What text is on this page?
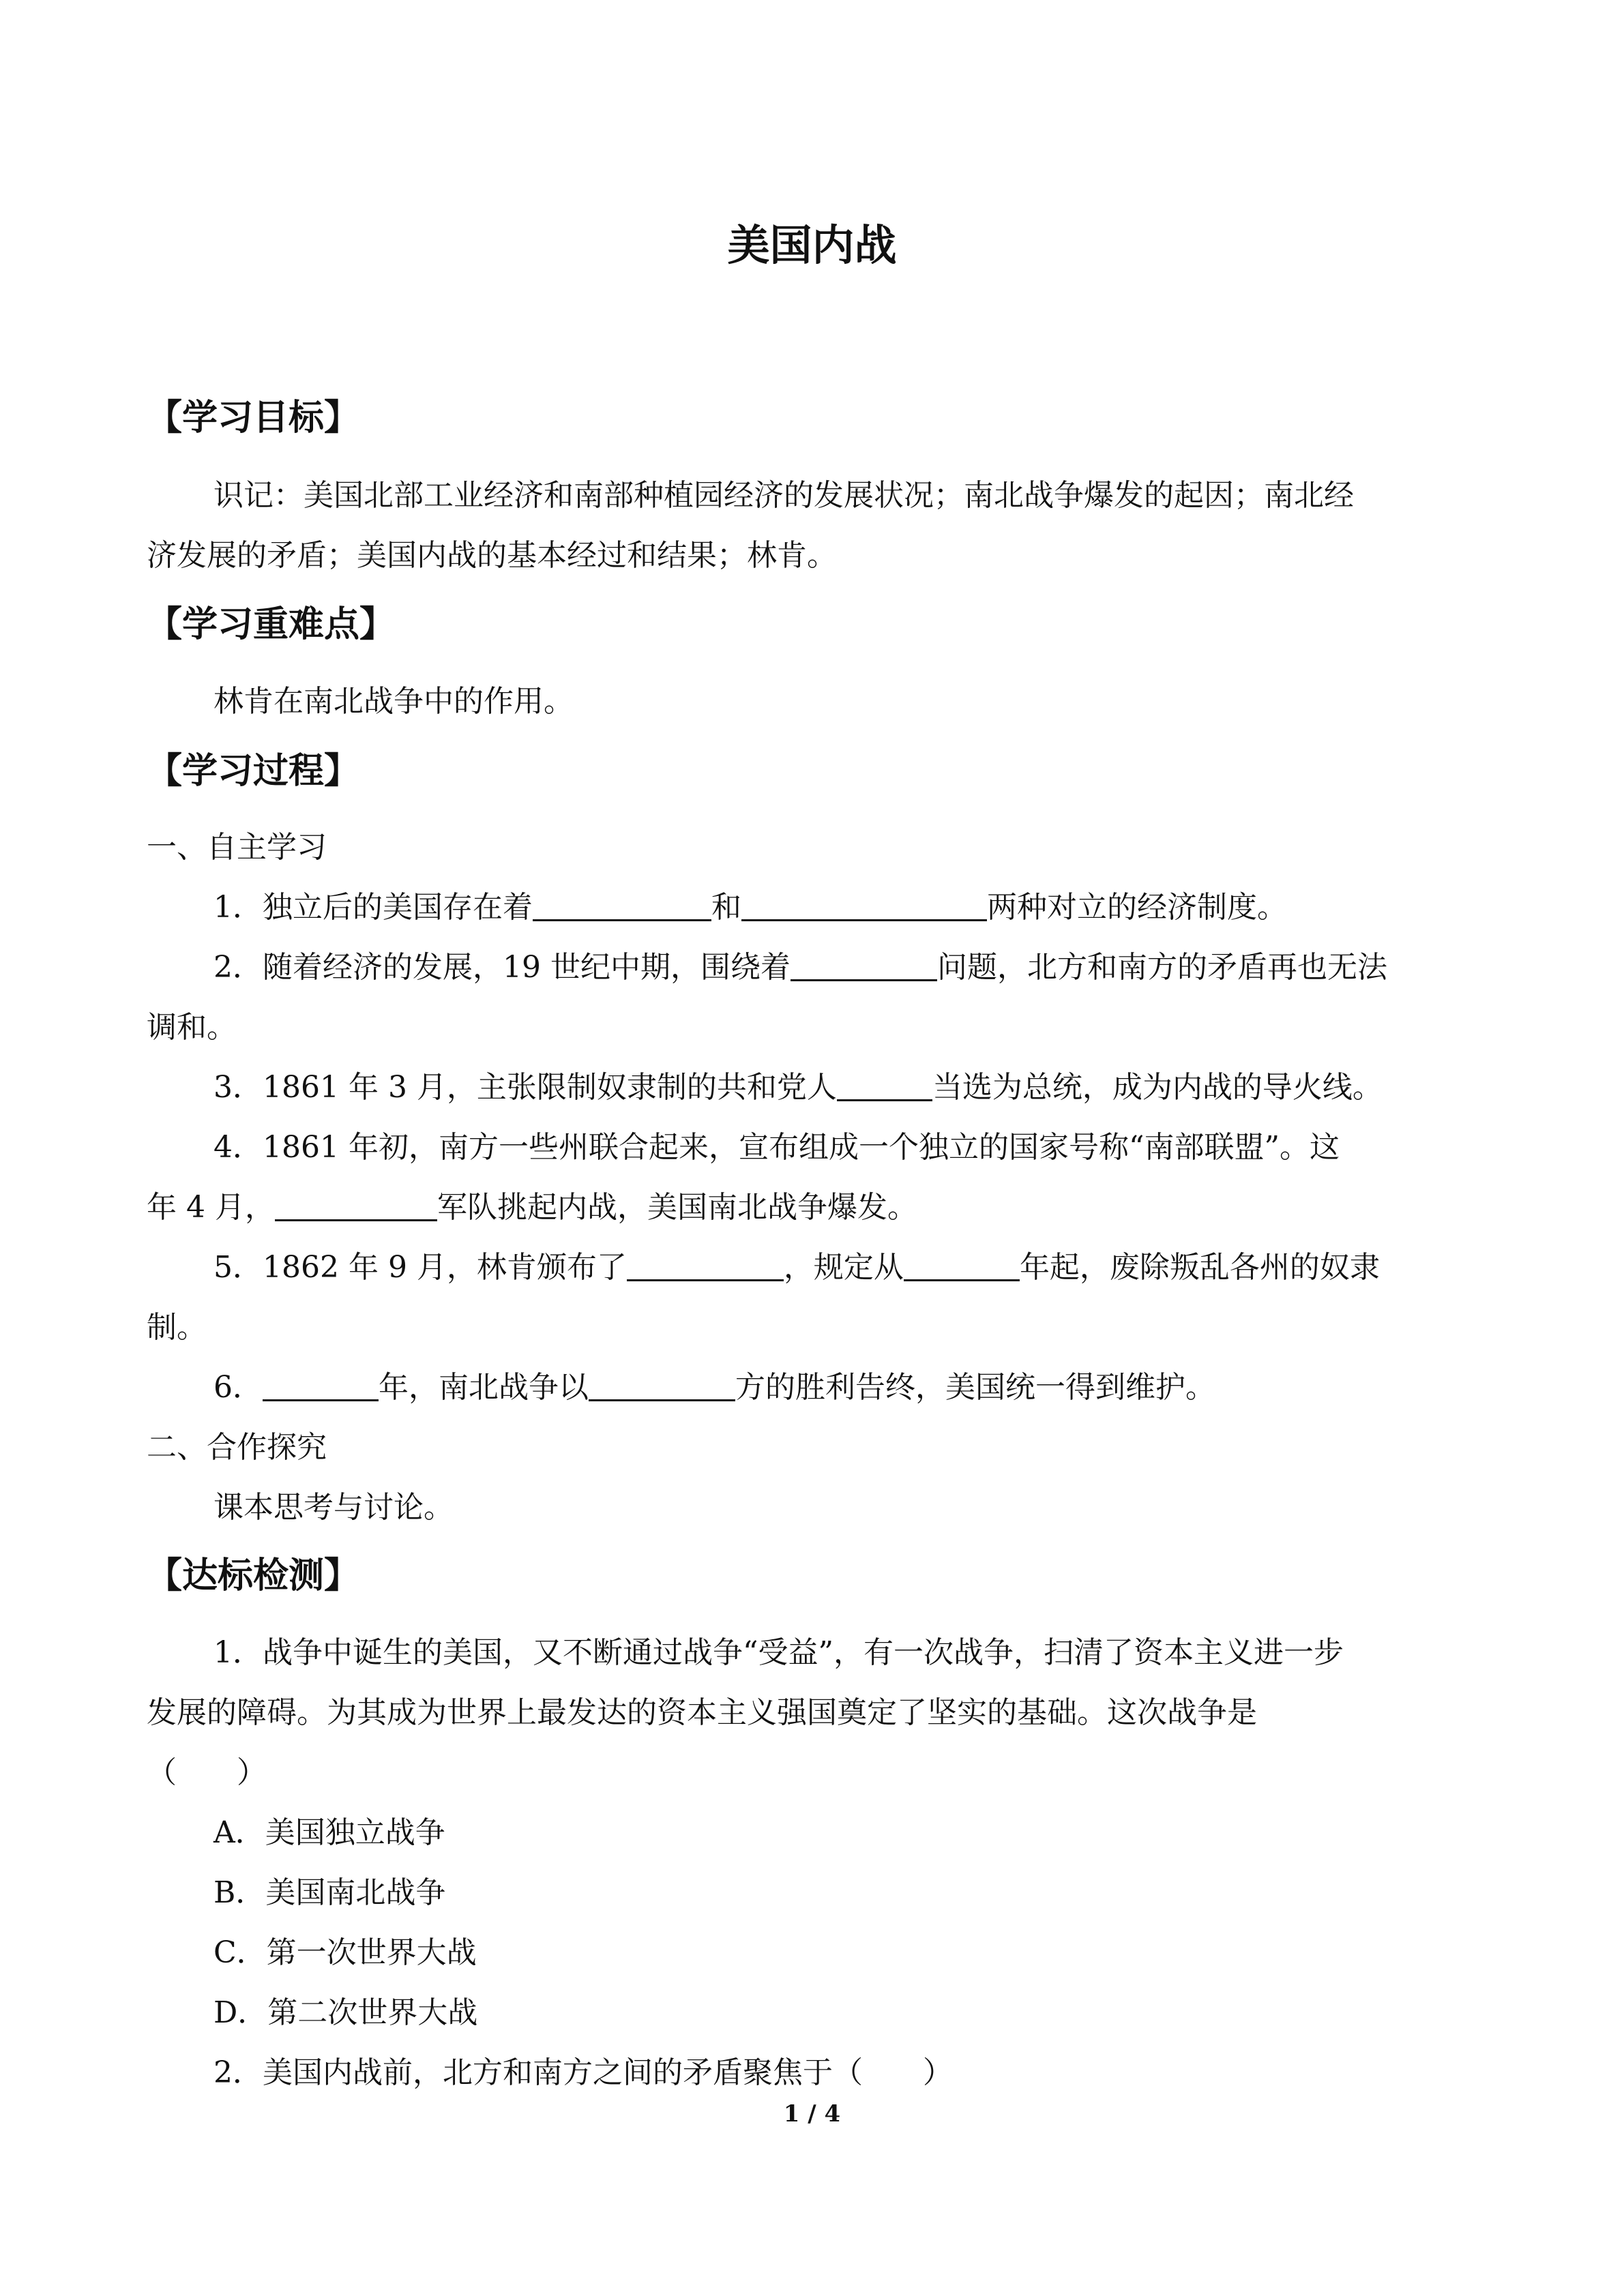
美国内战
【学习目标】
识记：美国北部工业经济和南部种植园经济的发展状况；南北战争爆发的起因；南北经
济发展的矛盾；美国内战的基本经过和结果；林肯。
【学习重难点】
林肯在南北战争中的作用。
【学习过程】
一、自主学习
1．独立后的美国存在着	和	两种对立的经济制度。
2．随着经济的发展，19 世纪中期，围绕着	问题，北方和南方的矛盾再也无法
调和。
3．1861 年 3 月，主张限制奴隶制的共和党人	当选为总统，成为内战的导火线。
4．1861 年初，南方一些州联合起来，宣布组成一个独立的国家号称“南部联盟”。这
年 4 月，	军队挑起内战，美国南北战争爆发。
5．1862 年 9 月，林肯颁布了	，规定从	年起，废除叛乱各州的奴隶
制。
6．	年，南北战争以	方的胜利告终，美国统一得到维护。
二、合作探究
课本思考与讨论。
【达标检测】
1．战争中诞生的美国，又不断通过战争“受益”，有一次战争，扫清了资本主义进一步
发展的障碍。为其成为世界上最发达的资本主义强国奠定了坚实的基础。这次战争是
（　　）
A．美国独立战争
B．美国南北战争
C．第一次世界大战
D．第二次世界大战
2．美国内战前，北方和南方之间的矛盾聚焦于（　　）
1 / 4
